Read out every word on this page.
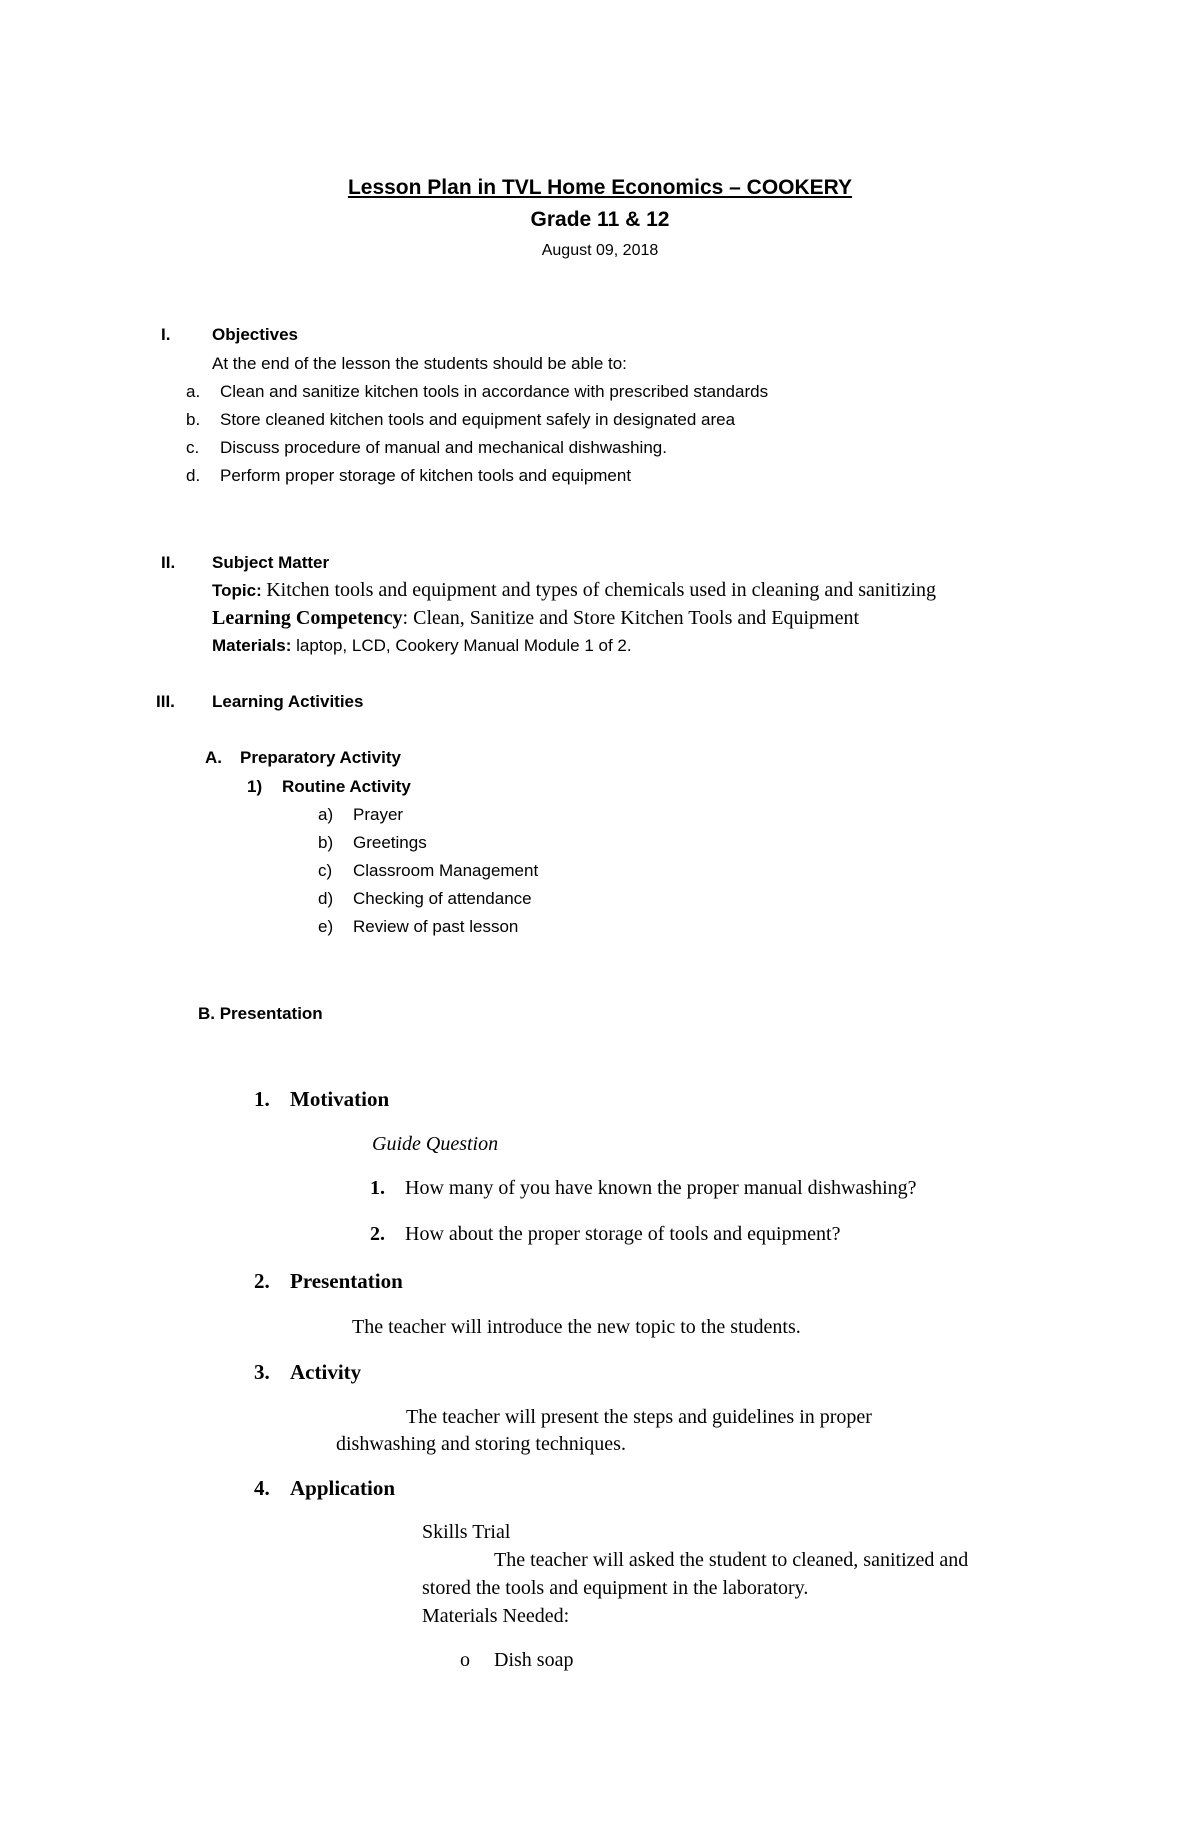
Lesson Plan in TVL Home Economics – COOKERY
Grade 11 & 12
August 09, 2018
I. Objectives
At the end of the lesson the students should be able to:
a. Clean and sanitize kitchen tools in accordance with prescribed standards
b. Store cleaned kitchen tools and equipment safely in designated area
c. Discuss procedure of manual and mechanical dishwashing.
d. Perform proper storage of kitchen tools and equipment
II. Subject Matter
Topic: Kitchen tools and equipment and types of chemicals used in cleaning and sanitizing
Learning Competency: Clean, Sanitize and Store Kitchen Tools and Equipment
Materials: laptop, LCD, Cookery Manual Module 1 of 2.
III. Learning Activities
A. Preparatory Activity
1) Routine Activity
a) Prayer
b) Greetings
c) Classroom Management
d) Checking of attendance
e) Review of past lesson
B. Presentation
1. Motivation
Guide Question
1. How many of you have known the proper manual dishwashing?
2. How about the proper storage of tools and equipment?
2. Presentation
The teacher will introduce the new topic to the students.
3. Activity
The teacher will present the steps and guidelines in proper
dishwashing and storing techniques.
4. Application
Skills Trial
The teacher will asked the student to cleaned, sanitized and
stored the tools and equipment in the laboratory.
Materials Needed:
o Dish soap
